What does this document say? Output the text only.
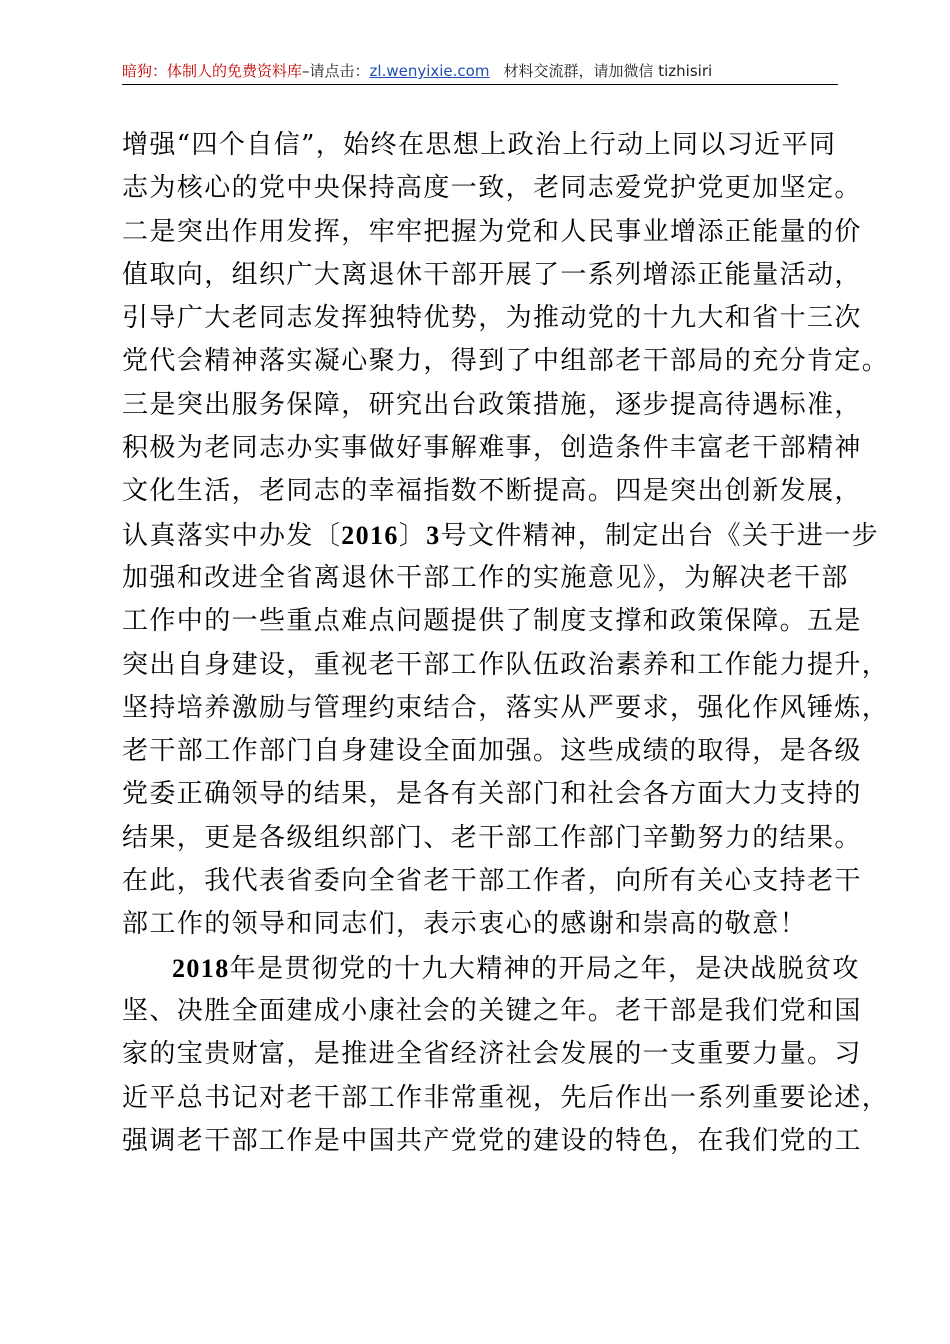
暗狗：体制人的免费资料库–请点击：zl.wenyixie.com 材料交流群，请加微信 tizhisiri
增强“四个自信”，始终在思想上政治上行动上同以习近平同
志为核心的党中央保持高度一致，老同志爱党护党更加坚定。
二是突出作用发挥，牢牢把握为党和人民事业增添正能量的价
值取向，组织广大离退休干部开展了一系列增添正能量活动，
引导广大老同志发挥独特优势，为推动党的十九大和省十三次
党代会精神落实凝心聚力，得到了中组部老干部局的充分肯定。
三是突出服务保障，研究出台政策措施，逐步提高待遇标准，
积极为老同志办实事做好事解难事，创造条件丰富老干部精神
文化生活，老同志的幸福指数不断提高。四是突出创新发展，
认真落实中办发〔2016〕3号文件精神，制定出台《关于进一步
加强和改进全省离退休干部工作的实施意见》，为解决老干部
工作中的一些重点难点问题提供了制度支撑和政策保障。五是
突出自身建设，重视老干部工作队伍政治素养和工作能力提升，
坚持培养激励与管理约束结合，落实从严要求，强化作风锤炼，
老干部工作部门自身建设全面加强。这些成绩的取得，是各级
党委正确领导的结果，是各有关部门和社会各方面大力支持的
结果，更是各级组织部门、老干部工作部门辛勤努力的结果。
在此，我代表省委向全省老干部工作者，向所有关心支持老干
部工作的领导和同志们，表示衷心的感谢和崇高的敬意！
2018年是贯彻党的十九大精神的开局之年，是决战脱贫攻
坚、决胜全面建成小康社会的关键之年。老干部是我们党和国
家的宝贵财富，是推进全省经济社会发展的一支重要力量。习
近平总书记对老干部工作非常重视，先后作出一系列重要论述，
强调老干部工作是中国共产党党的建设的特色，在我们党的工
